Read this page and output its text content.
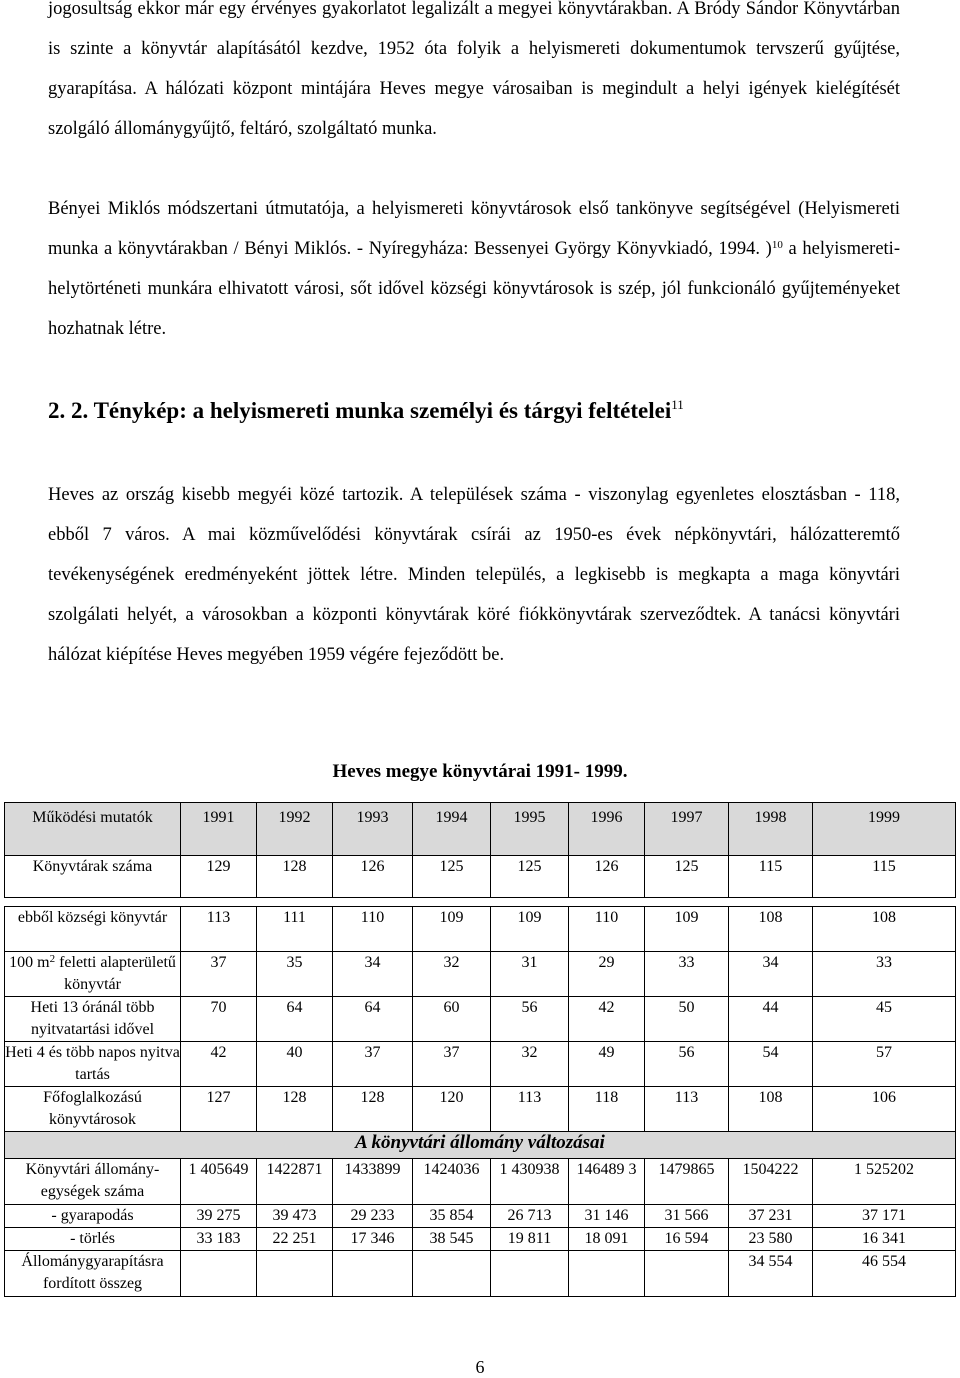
jogosultság ekkor már egy érvényes gyakorlatot legalizált a megyei könyvtárakban. A Bródy Sándor Könyvtárban is szinte a könyvtár alapításától kezdve, 1952 óta folyik a helyismereti dokumentumok tervszerű gyűjtése, gyarapítása. A hálózati központ mintájára Heves megye városaiban is megindult a helyi igények kielégítését szolgáló állománygyűjtő, feltáró, szolgáltató munka.

Bényei Miklós módszertani útmutatója, a helyismereti könyvtárosok első tankönyve segítségével (Helyismereti munka a könyvtárakban / Bényi Miklós. - Nyíregyháza: Bessenyei György Könyvkiadó, 1994. )$^{10}$ a helyismereti- helytörténeti munkára elhivatott városi, sőt idővel községi könyvtárosok is szép, jól funkcionáló gyűjteményeket hozhatnak létre.

2. 2. Ténykép: a helyismereti munka személyi és tárgyi feltételei$^{11}$

Heves az ország kisebb megyéi közé tartozik. A települések száma - viszonylag egyenletes elosztásban - 118, ebből 7 város. A mai közművelődési könyvtárak csírái az 1950-es évek népkönyvtári, hálózatteremtő tevékenységének eredményeként jöttek létre. Minden település, a legkisebb is megkapta a maga könyvtári szolgálati helyét, a városokban a központi könyvtárak köré fiókkönyvtárak szerveződtek. A tanácsi könyvtári hálózat kiépítése Heves megyében 1959 végére fejeződött be.

Heves megye könyvtárai 1991- 1999.
Működési mutatók	1991	1992	1993	1994	1995	1996	1997	1998	1999
Könyvtárak száma	129	128	126	125	125	126	125	115	115

ebből községi könyvtár	113	111	110	109	109	110	109	108	108
100 $m^2$ feletti alapterületű könyvtár	37	35	34	32	31	29	33	34	33
Heti 13 óránál több nyitvatartási idővel	70	64	64	60	56	42	50	44	45
Heti 4 és több napos nyitva tartás	42	40	37	37	32	49	56	54	57
Főfoglalkozású könyvtárosok	127	128	128	120	113	118	113	108	106
A könyvtári állomány változásai									
Könyvtári állomány-egységek száma	1 405649	1422871	1433899	1424036	1 430938	146489 3	1479865	1504222	1 525202
- gyarapodás	39 275	39 473	29 233	35 854	26 713	31 146	31 566	37 231	37 171
- törlés	33 183	22 251	17 346	38 545	19 811	18 091	16 594	23 580	16 341
Állománygyarapításra fordított összeg								34 554	46 554

6
